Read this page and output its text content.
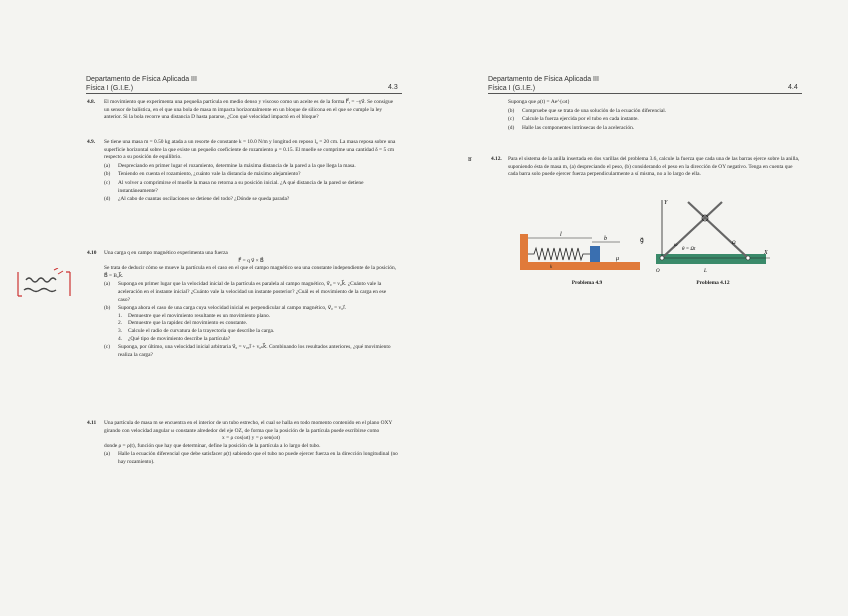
Departamento de Física Aplicada III
Física I (G.I.E.)	4.3
4.8. El movimiento que experimenta una pequeña partícula en medio denso y viscoso como un aceite es de la forma F⃗ᵣ = −γv⃗. Se consigue un sensor de balística, en el que una bola de masa m impacta horizontalmente en un bloque de silicona en el que se cumple la ley anterior. Si la bola recorre una distancia D hasta pararse, ¿Con qué velocidad impactó en el bloque?

4.9. Se tiene una masa m = 0.50 kg atada a un resorte de constante k = 10.0 N/m y longitud en reposo l₀ = 20 cm. La masa reposa sobre una superficie horizontal sobre la que existe un pequeño coeficiente de rozamiento μ = 0.15. El muelle se comprime una cantidad δ = 5 cm respecto a su posición de equilibrio.

(a) Despreciando en primer lugar el rozamiento, determine la máxima distancia de la pared a la que llega la masa.
(b) Teniendo en cuenta el rozamiento, ¿cuánto vale la distancia de máximo alejamiento?
(c) Al volver a comprimirse el muelle la masa no retorna a su posición inicial. ¿A qué distancia de la pared se detiene instantáneamente?
(d) ¿Al cabo de cuantas oscilaciones se detiene del todo? ¿Dónde se queda parada?
4.10 Una carga q en campo magnético experimenta una fuerza

F⃗ = q v⃗ × B⃗

Se trata de deducir cómo se mueve la partícula en el caso en el que el campo magnético sea una constante independiente de la posición, B⃗ = B₀k⃗.

(a) Suponga en primer lugar que la velocidad inicial de la partícula es paralela al campo magnético, v⃗₀ = v₀k⃗. ¿Cuánto vale la aceleración en el instante inicial? ¿Cuánto vale la velocidad un instante posterior? ¿Cuál es el movimiento de la carga en ese caso?
(b) Suponga ahora el caso de una carga cuya velocidad inicial es perpendicular al campo magnético, v⃗₀ = v₀ı⃗.
1. Demuestre que el movimiento resultante es un movimiento plano.
2. Demuestre que la rapidez del movimiento es constante.
3. Calcule el radio de curvatura de la trayectoria que describe la carga.
4. ¿Qué tipo de movimiento describe la partícula?
(c) Suponga, por último, una velocidad inicial arbitraria v⃗₀ = v₀ᵤı⃗ + v₀ₖk⃗. Combinando los resultados anteriores, ¿qué movimiento realiza la carga?
4.11 Una partícula de masa m se encuentra en el interior de un tubo estrecho, el cual se halla en todo momento contenido en el plano OXY girando con velocidad angular ω constante alrededor del eje OZ, de forma que la posición de la partícula puede escribirse como

x = ρ cos(ωt) y = ρ sen(ωt)

donde ρ = ρ(t), función que hay que determinar, define la posición de la partícula a lo largo del tubo.

(a) Halle la ecuación diferencial que debe satisfacer ρ(t) sabiendo que el tubo no puede ejercer fuerza en la dirección longitudinal (no hay rozamiento).
Departamento de Física Aplicada III
Física I (G.I.E.)	4.4

Suponga que ρ(t) = Ae^{ωt}

(b) Compruebe que se trata de una solución de la ecuación diferencial.
(c) Calcule la fuerza ejercida por el tubo en cada instante.
(d) Halle las componentes intrínsecas de la aceleración.
ʁ	4.12. Para el sistema de la anilla insertada en dos varillas del problema 3.6, calcule la fuerza que cada una de las barras ejerce sobre la anilla, suponiendo ésta de masa m, (a) despreciando el peso, (b) considerando el peso en la dirección de OY negativo. Tenga en cuenta que cada barra solo puede ejercer fuerza perpendicularmente a sí misma, no a lo largo de ella.

l
b
μ
k
g⃗
Y
X
θ = Ωt
Ω
ω
O	L
Problema 4.9	Problema 4.12
